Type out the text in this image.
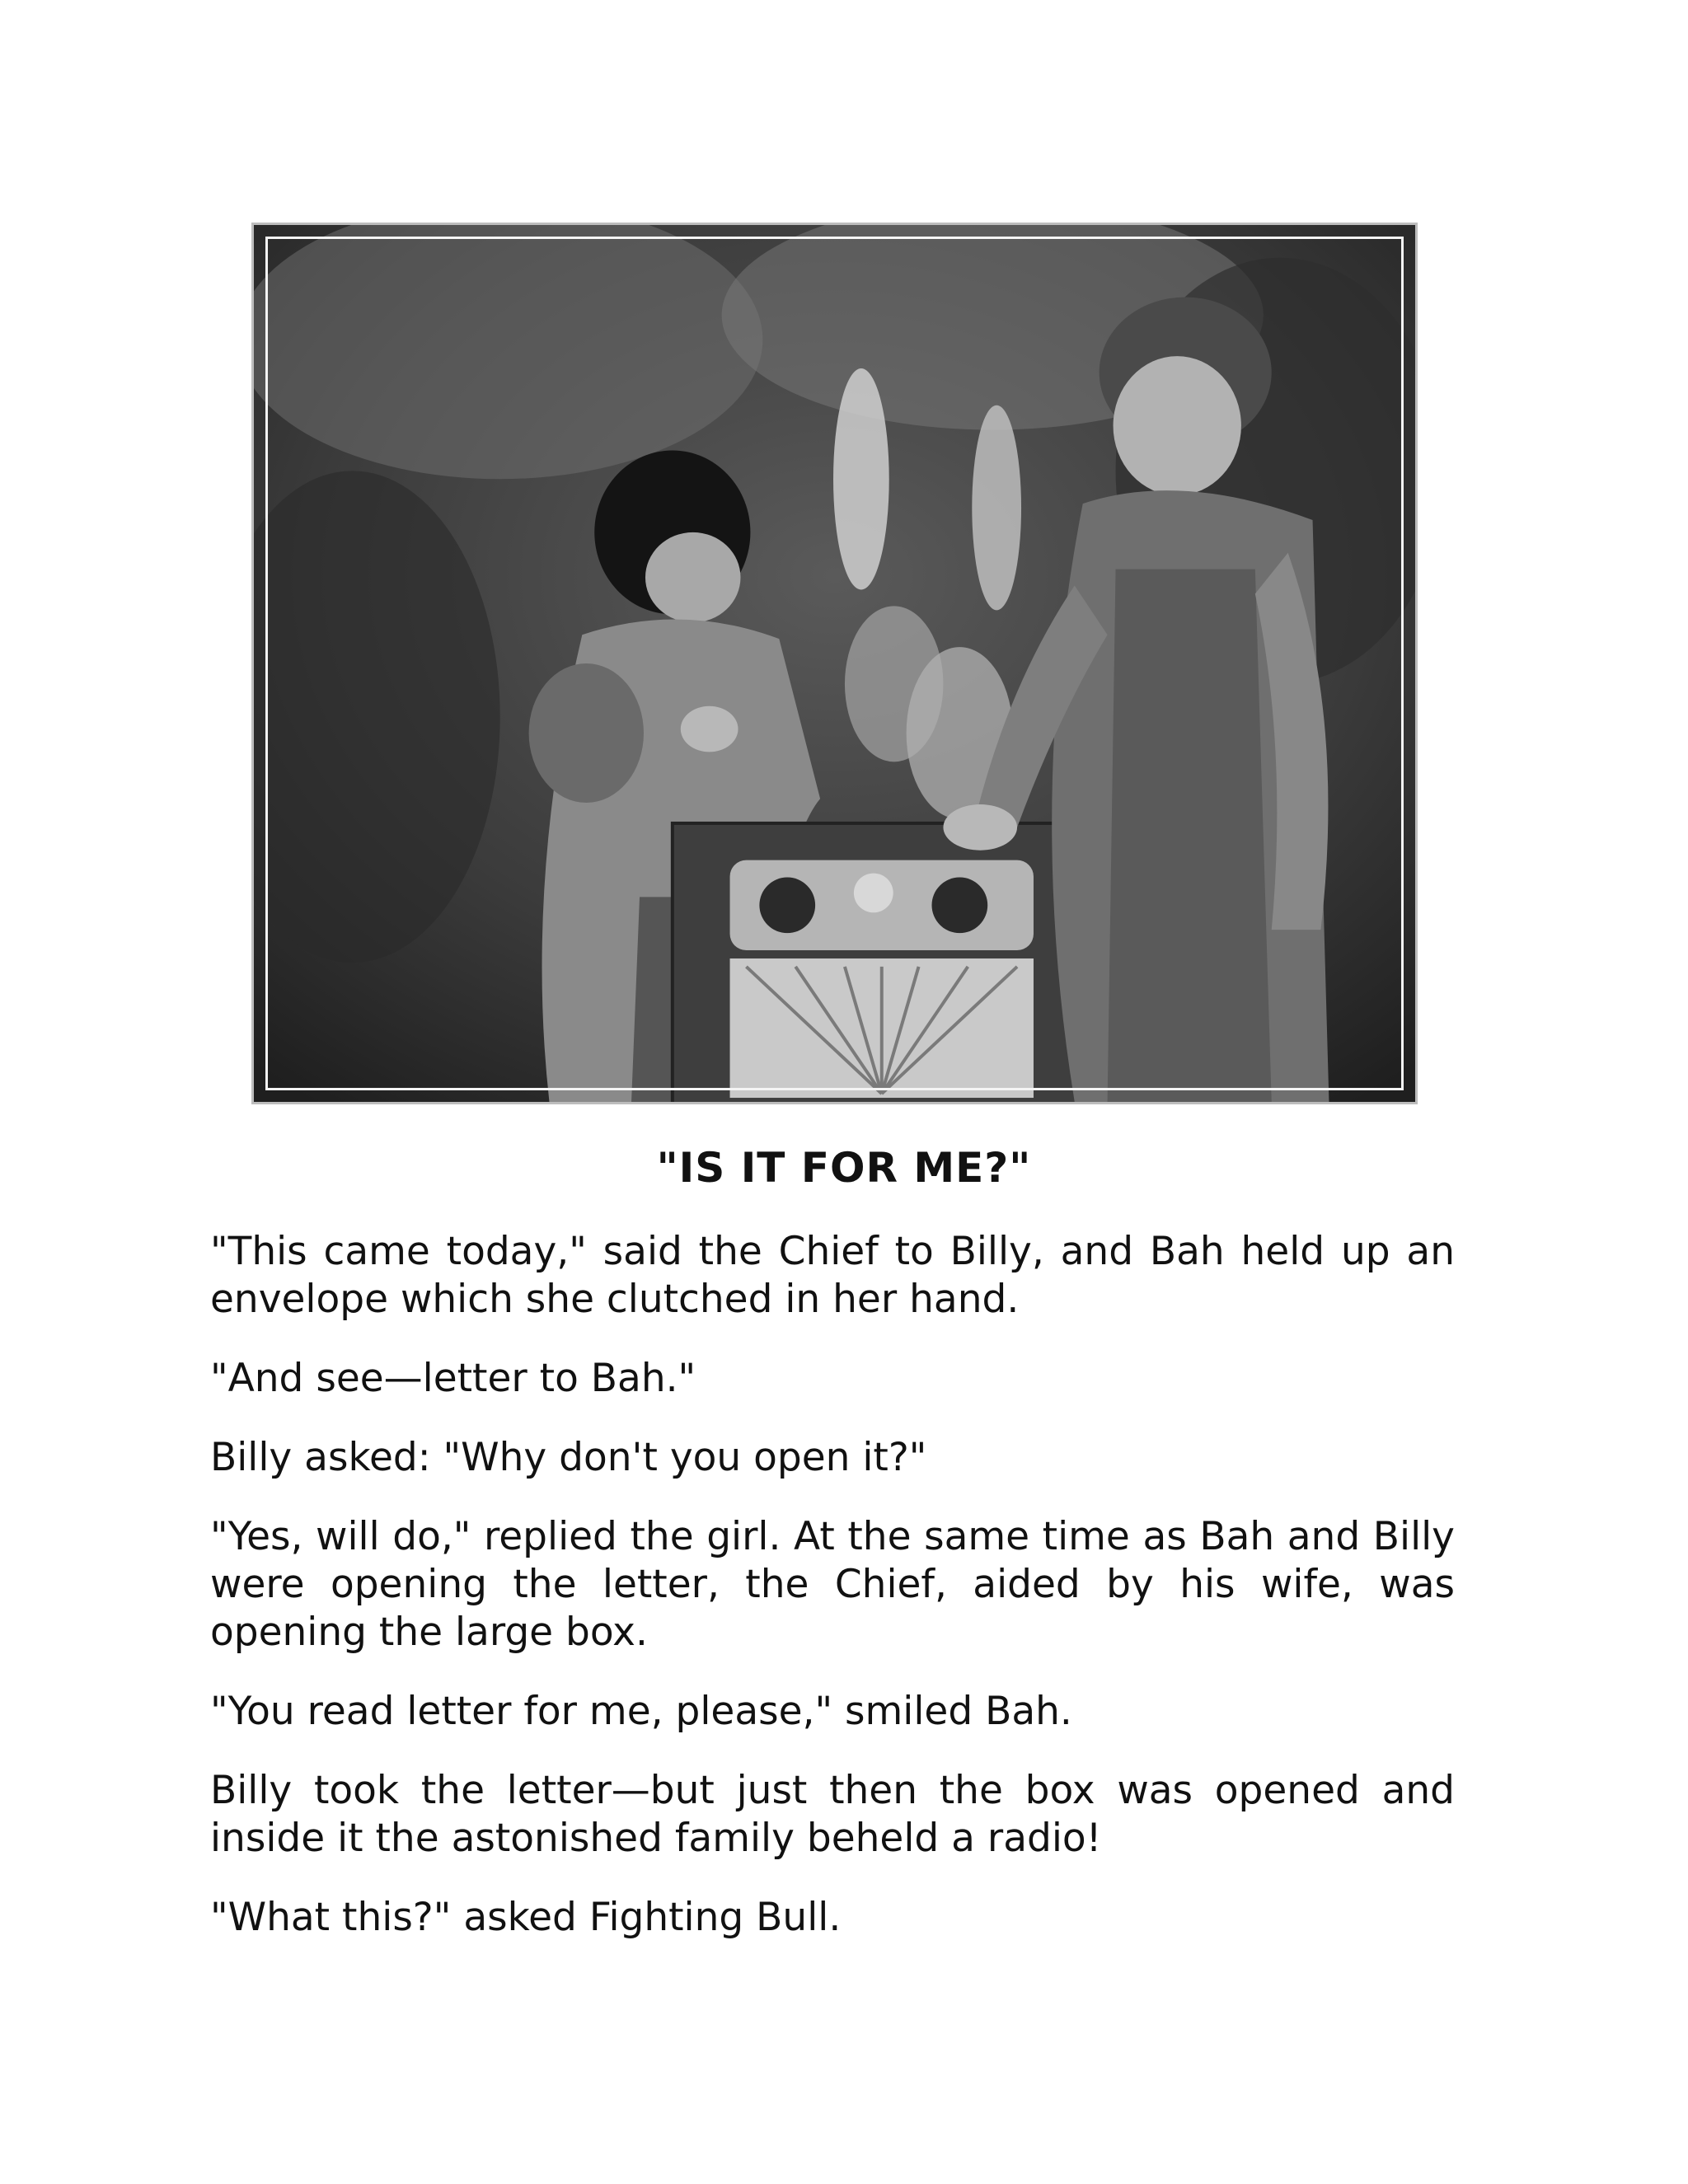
"IS IT FOR ME?"

"This came today," said the Chief to Billy, and Bah held up an envelope which she clutched in her hand.

"And see—letter to Bah."

Billy asked: "Why don't you open it?"

"Yes, will do," replied the girl. At the same time as Bah and Billy were opening the letter, the Chief, aided by his wife, was opening the large box.

"You read letter for me, please," smiled Bah.

Billy took the letter—but just then the box was opened and inside it the astonished family beheld a radio!

"What this?" asked Fighting Bull.
